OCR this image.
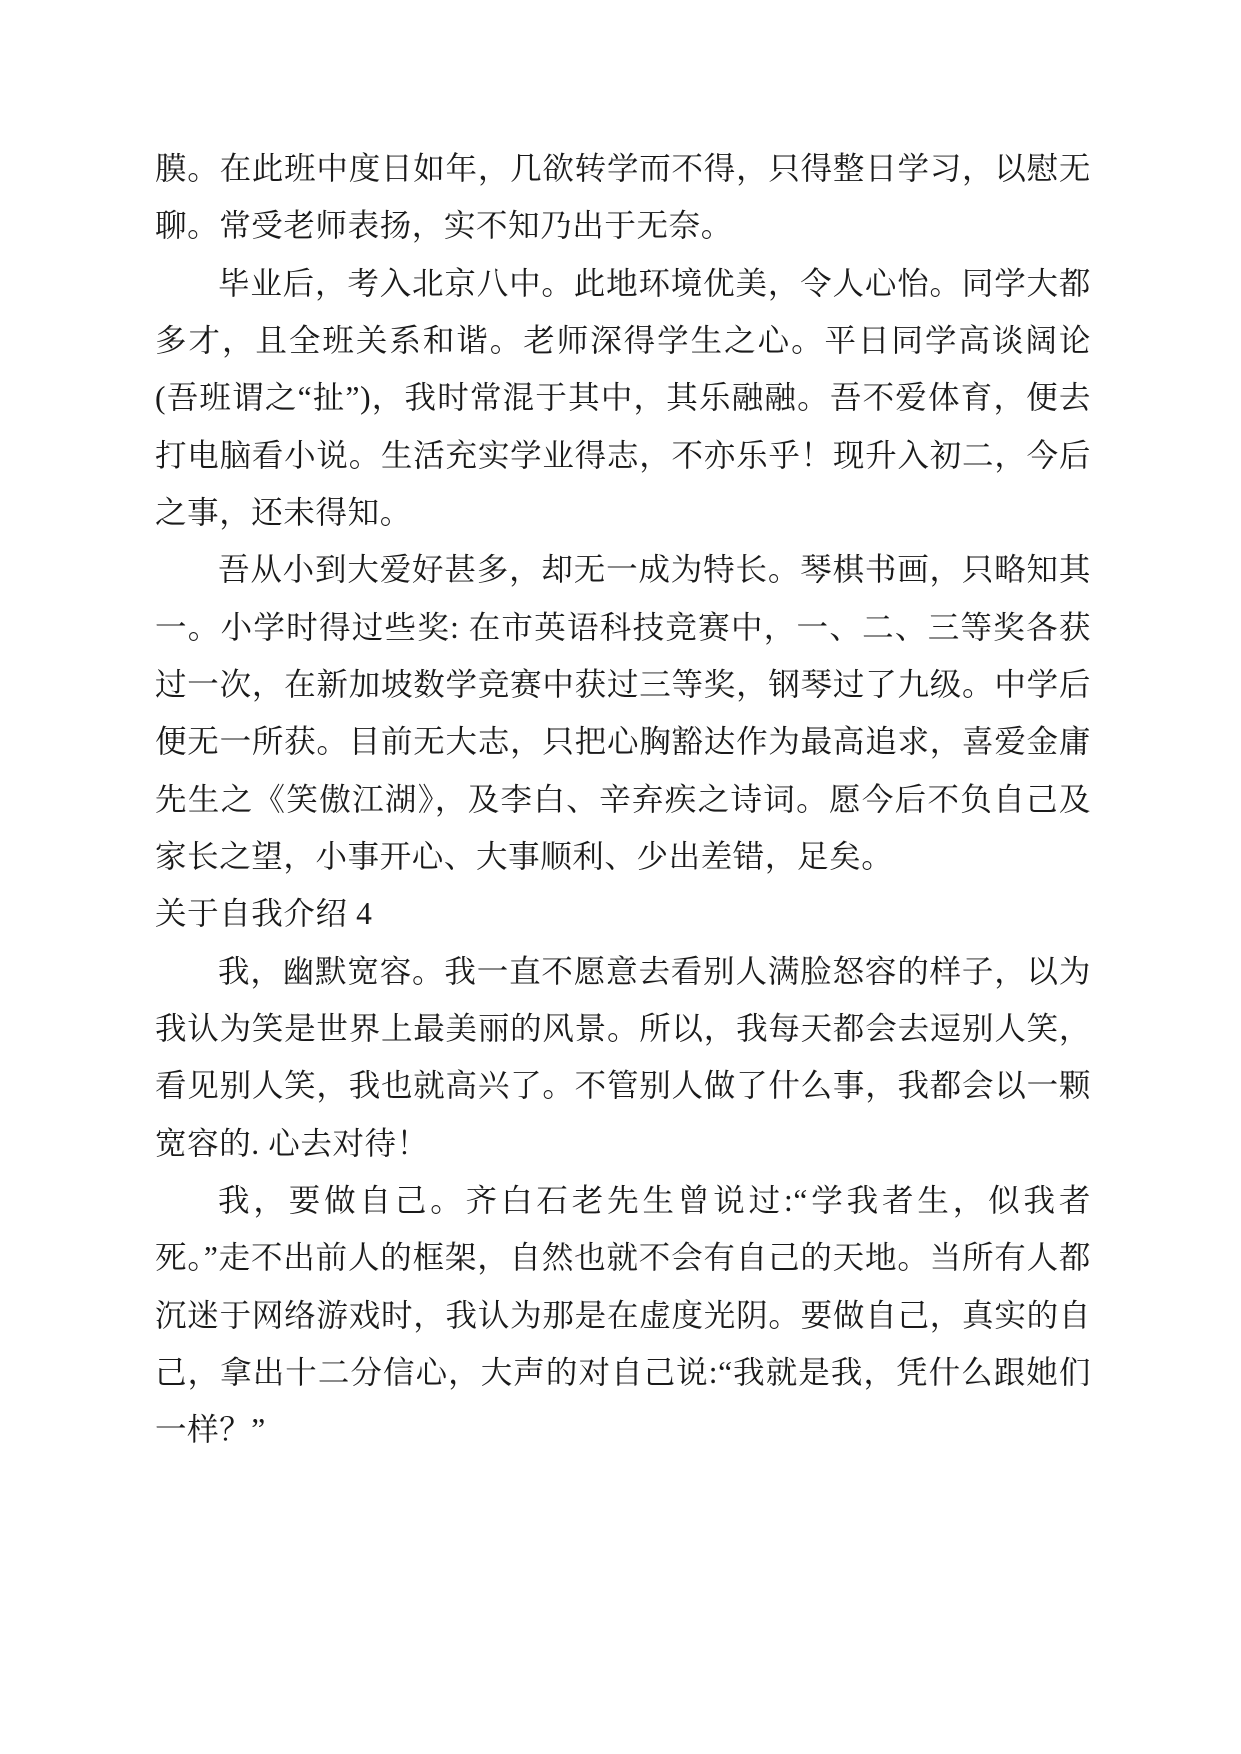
膜。在此班中度日如年，几欲转学而不得，只得整日学习，以慰无聊。常受老师表扬，实不知乃出于无奈。

毕业后，考入北京八中。此地环境优美，令人心怡。同学大都多才，且全班关系和谐。老师深得学生之心。平日同学高谈阔论(吾班谓之“扯”)，我时常混于其中，其乐融融。吾不爱体育，便去打电脑看小说。生活充实学业得志，不亦乐乎！现升入初二，今后之事，还未得知。

吾从小到大爱好甚多，却无一成为特长。琴棋书画，只略知其一。小学时得过些奖: 在市英语科技竞赛中，一、二、三等奖各获过一次，在新加坡数学竞赛中获过三等奖，钢琴过了九级。中学后便无一所获。目前无大志，只把心胸豁达作为最高追求，喜爱金庸先生之《笑傲江湖》，及李白、辛弃疾之诗词。愿今后不负自己及家长之望，小事开心、大事顺利、少出差错，足矣。

关于自我介绍 4

我，幽默宽容。我一直不愿意去看别人满脸怒容的样子，以为我认为笑是世界上最美丽的风景。所以，我每天都会去逗别人笑，看见别人笑，我也就高兴了。不管别人做了什么事，我都会以一颗宽容的. 心去对待！

我，要做自己。齐白石老先生曾说过:“学我者生，似我者死。”走不出前人的框架，自然也就不会有自己的天地。当所有人都沉迷于网络游戏时，我认为那是在虚度光阴。要做自己，真实的自己，拿出十二分信心，大声的对自己说:“我就是我，凭什么跟她们一样？”
